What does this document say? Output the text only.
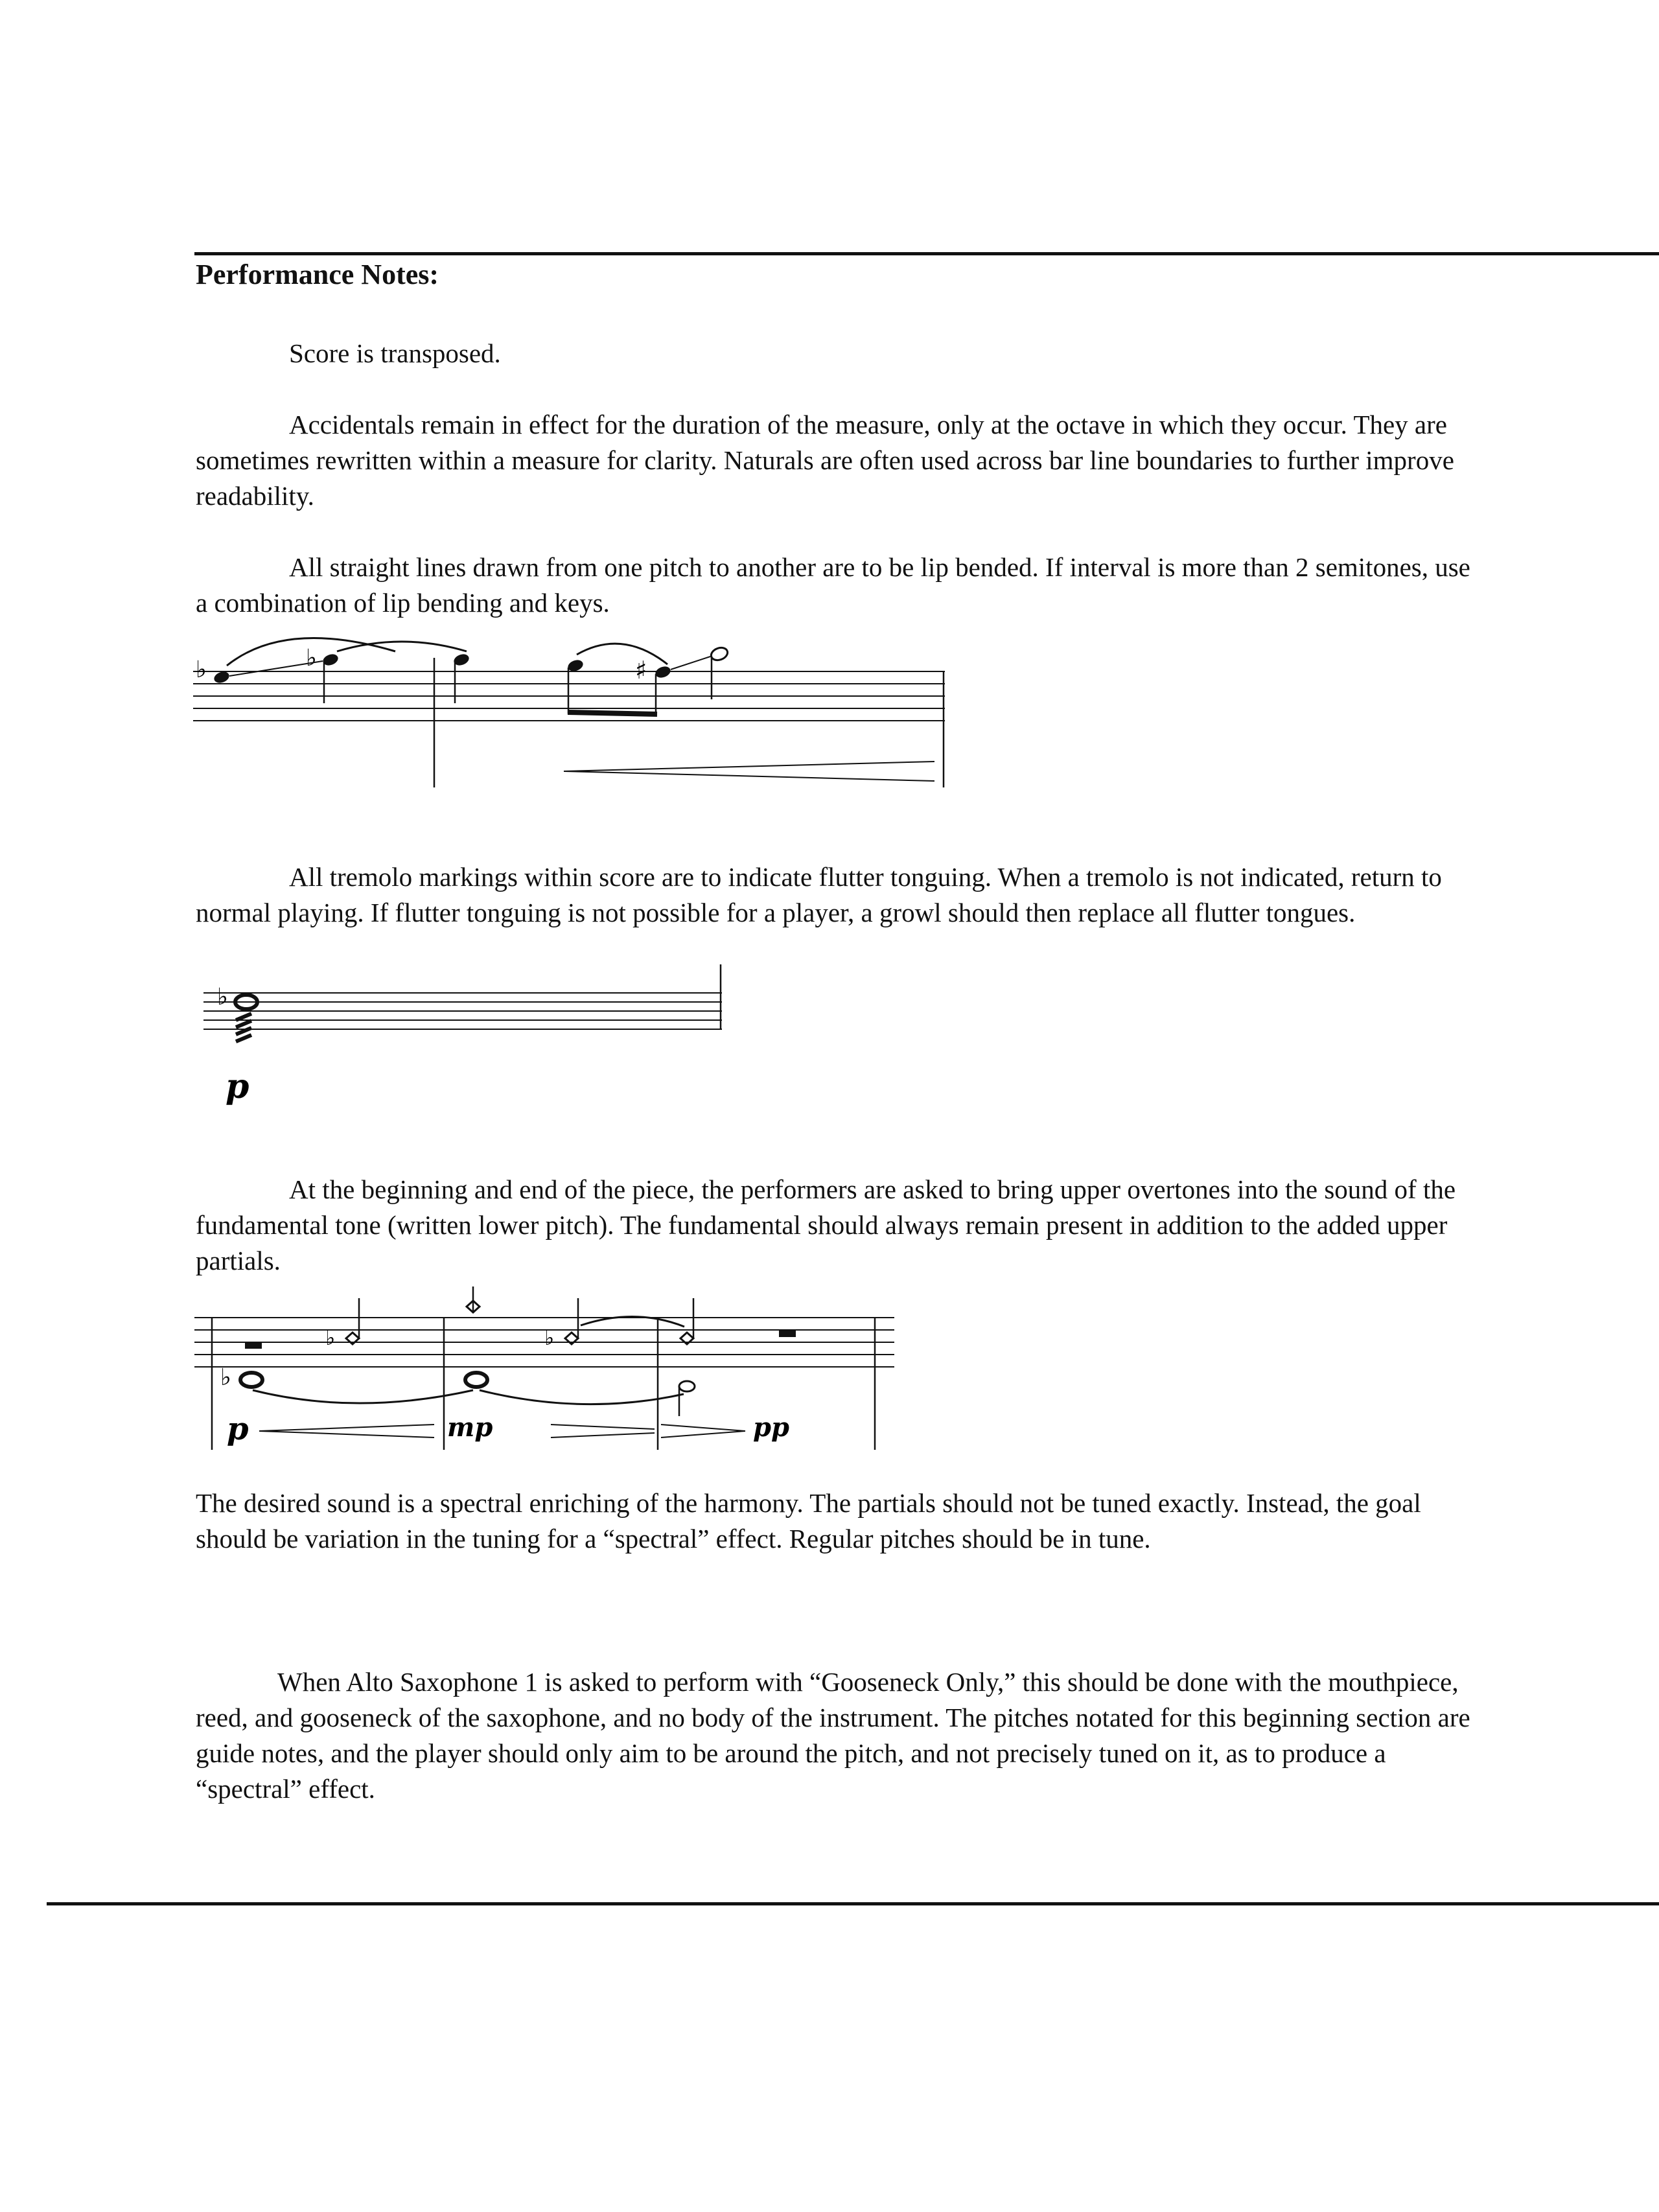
Performance Notes:

Score is transposed.

Accidentals remain in effect for the duration of the measure, only at the octave in which they occur. They are sometimes rewritten within a measure for clarity. Naturals are often used across bar line boundaries to further improve readability.

All straight lines drawn from one pitch to another are to be lip bended. If interval is more than 2 semitones, use a combination of lip bending and keys.

♭	♭	♯

All tremolo markings within score are to indicate flutter tonguing. When a tremolo is not indicated, return to normal playing. If flutter tonguing is not possible for a player, a growl should then replace all flutter tongues.

♭
p

At the beginning and end of the piece, the performers are asked to bring upper overtones into the sound of the fundamental tone (written lower pitch). The fundamental should always remain present in addition to the added upper partials.

♭	♭
♭
p	mp	pp

The desired sound is a spectral enriching of the harmony. The partials should not be tuned exactly. Instead, the goal should be variation in the tuning for a “spectral” effect. Regular pitches should be in tune.

When Alto Saxophone 1 is asked to perform with “Gooseneck Only,” this should be done with the mouthpiece, reed, and gooseneck of the saxophone, and no body of the instrument. The pitches notated for this beginning section are guide notes, and the player should only aim to be around the pitch, and not precisely tuned on it, as to produce a “spectral” effect.
